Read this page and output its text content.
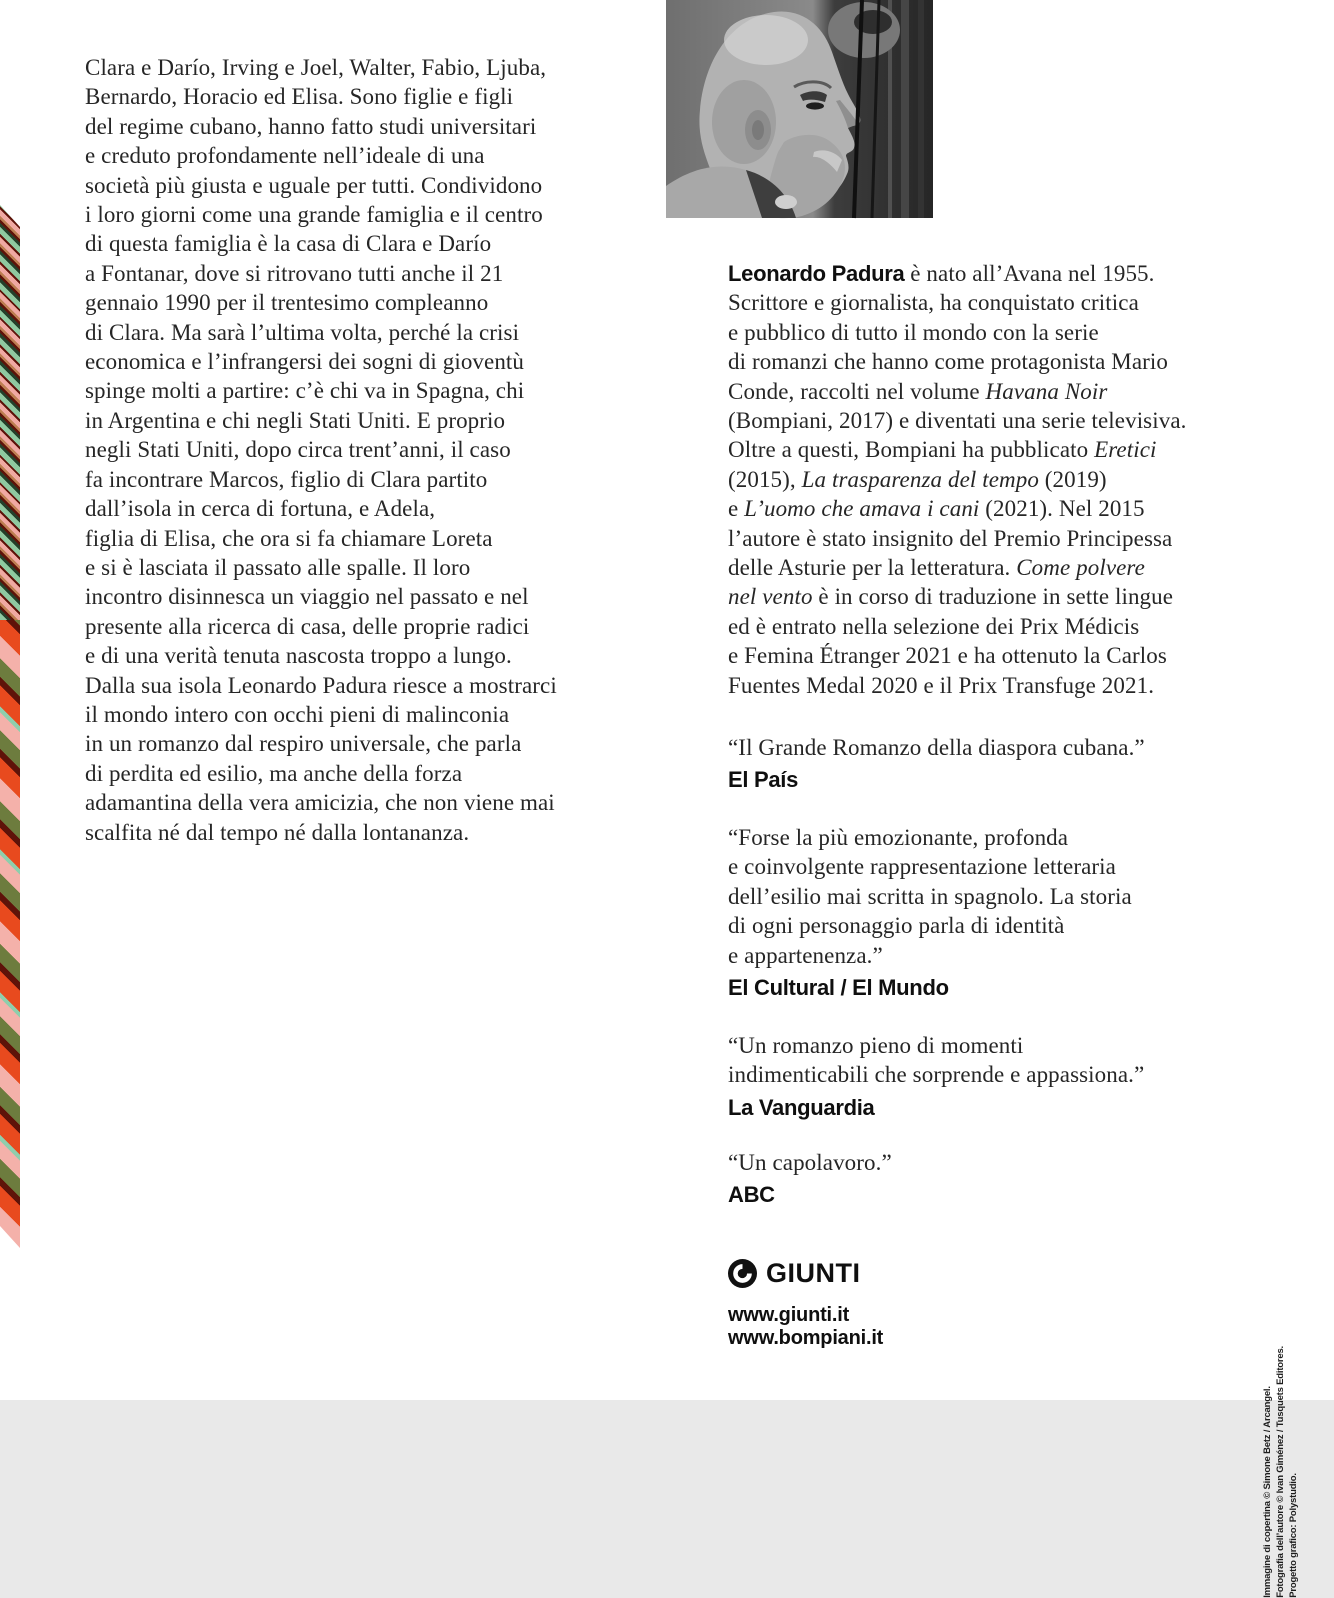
Clara e Darío, Irving e Joel, Walter, Fabio, Ljuba,
Bernardo, Horacio ed Elisa. Sono figlie e figli
del regime cubano, hanno fatto studi universitari
e creduto profondamente nell’ideale di una
società più giusta e uguale per tutti. Condividono
i loro giorni come una grande famiglia e il centro
di questa famiglia è la casa di Clara e Darío
a Fontanar, dove si ritrovano tutti anche il 21
gennaio 1990 per il trentesimo compleanno
di Clara. Ma sarà l’ultima volta, perché la crisi
economica e l’infrangersi dei sogni di gioventù
spinge molti a partire: c’è chi va in Spagna, chi
in Argentina e chi negli Stati Uniti. E proprio
negli Stati Uniti, dopo circa trent’anni, il caso
fa incontrare Marcos, figlio di Clara partito
dall’isola in cerca di fortuna, e Adela,
figlia di Elisa, che ora si fa chiamare Loreta
e si è lasciata il passato alle spalle. Il loro
incontro disinnesca un viaggio nel passato e nel
presente alla ricerca di casa, delle proprie radici
e di una verità tenuta nascosta troppo a lungo.
Dalla sua isola Leonardo Padura riesce a mostrarci
il mondo intero con occhi pieni di malinconia
in un romanzo dal respiro universale, che parla
di perdita ed esilio, ma anche della forza
adamantina della vera amicizia, che non viene mai
scalfita né dal tempo né dalla lontananza.
Leonardo Padura è nato all’Avana nel 1955.
Scrittore e giornalista, ha conquistato critica
e pubblico di tutto il mondo con la serie
di romanzi che hanno come protagonista Mario
Conde, raccolti nel volume Havana Noir
(Bompiani, 2017) e diventati una serie televisiva.
Oltre a questi, Bompiani ha pubblicato Eretici
(2015), La trasparenza del tempo (2019)
e L’uomo che amava i cani (2021). Nel 2015
l’autore è stato insignito del Premio Principessa
delle Asturie per la letteratura. Come polvere
nel vento è in corso di traduzione in sette lingue
ed è entrato nella selezione dei Prix Médicis
e Femina Étranger 2021 e ha ottenuto la Carlos
Fuentes Medal 2020 e il Prix Transfuge 2021.
“Il Grande Romanzo della diaspora cubana.”
El País
“Forse la più emozionante, profonda
e coinvolgente rappresentazione letteraria
dell’esilio mai scritta in spagnolo. La storia
di ogni personaggio parla di identità
e appartenenza.”
El Cultural / El Mundo
“Un romanzo pieno di momenti
indimenticabili che sorprende e appassiona.”
La Vanguardia
“Un capolavoro.”
ABC
GIUNTI
www.giunti.it
www.bompiani.it
Immagine di copertina © Simone Betz / Arcangel. Fotografia dell’autore © Ivan Giménez / Tusquets Editores. Progetto grafico: Polystudio.
